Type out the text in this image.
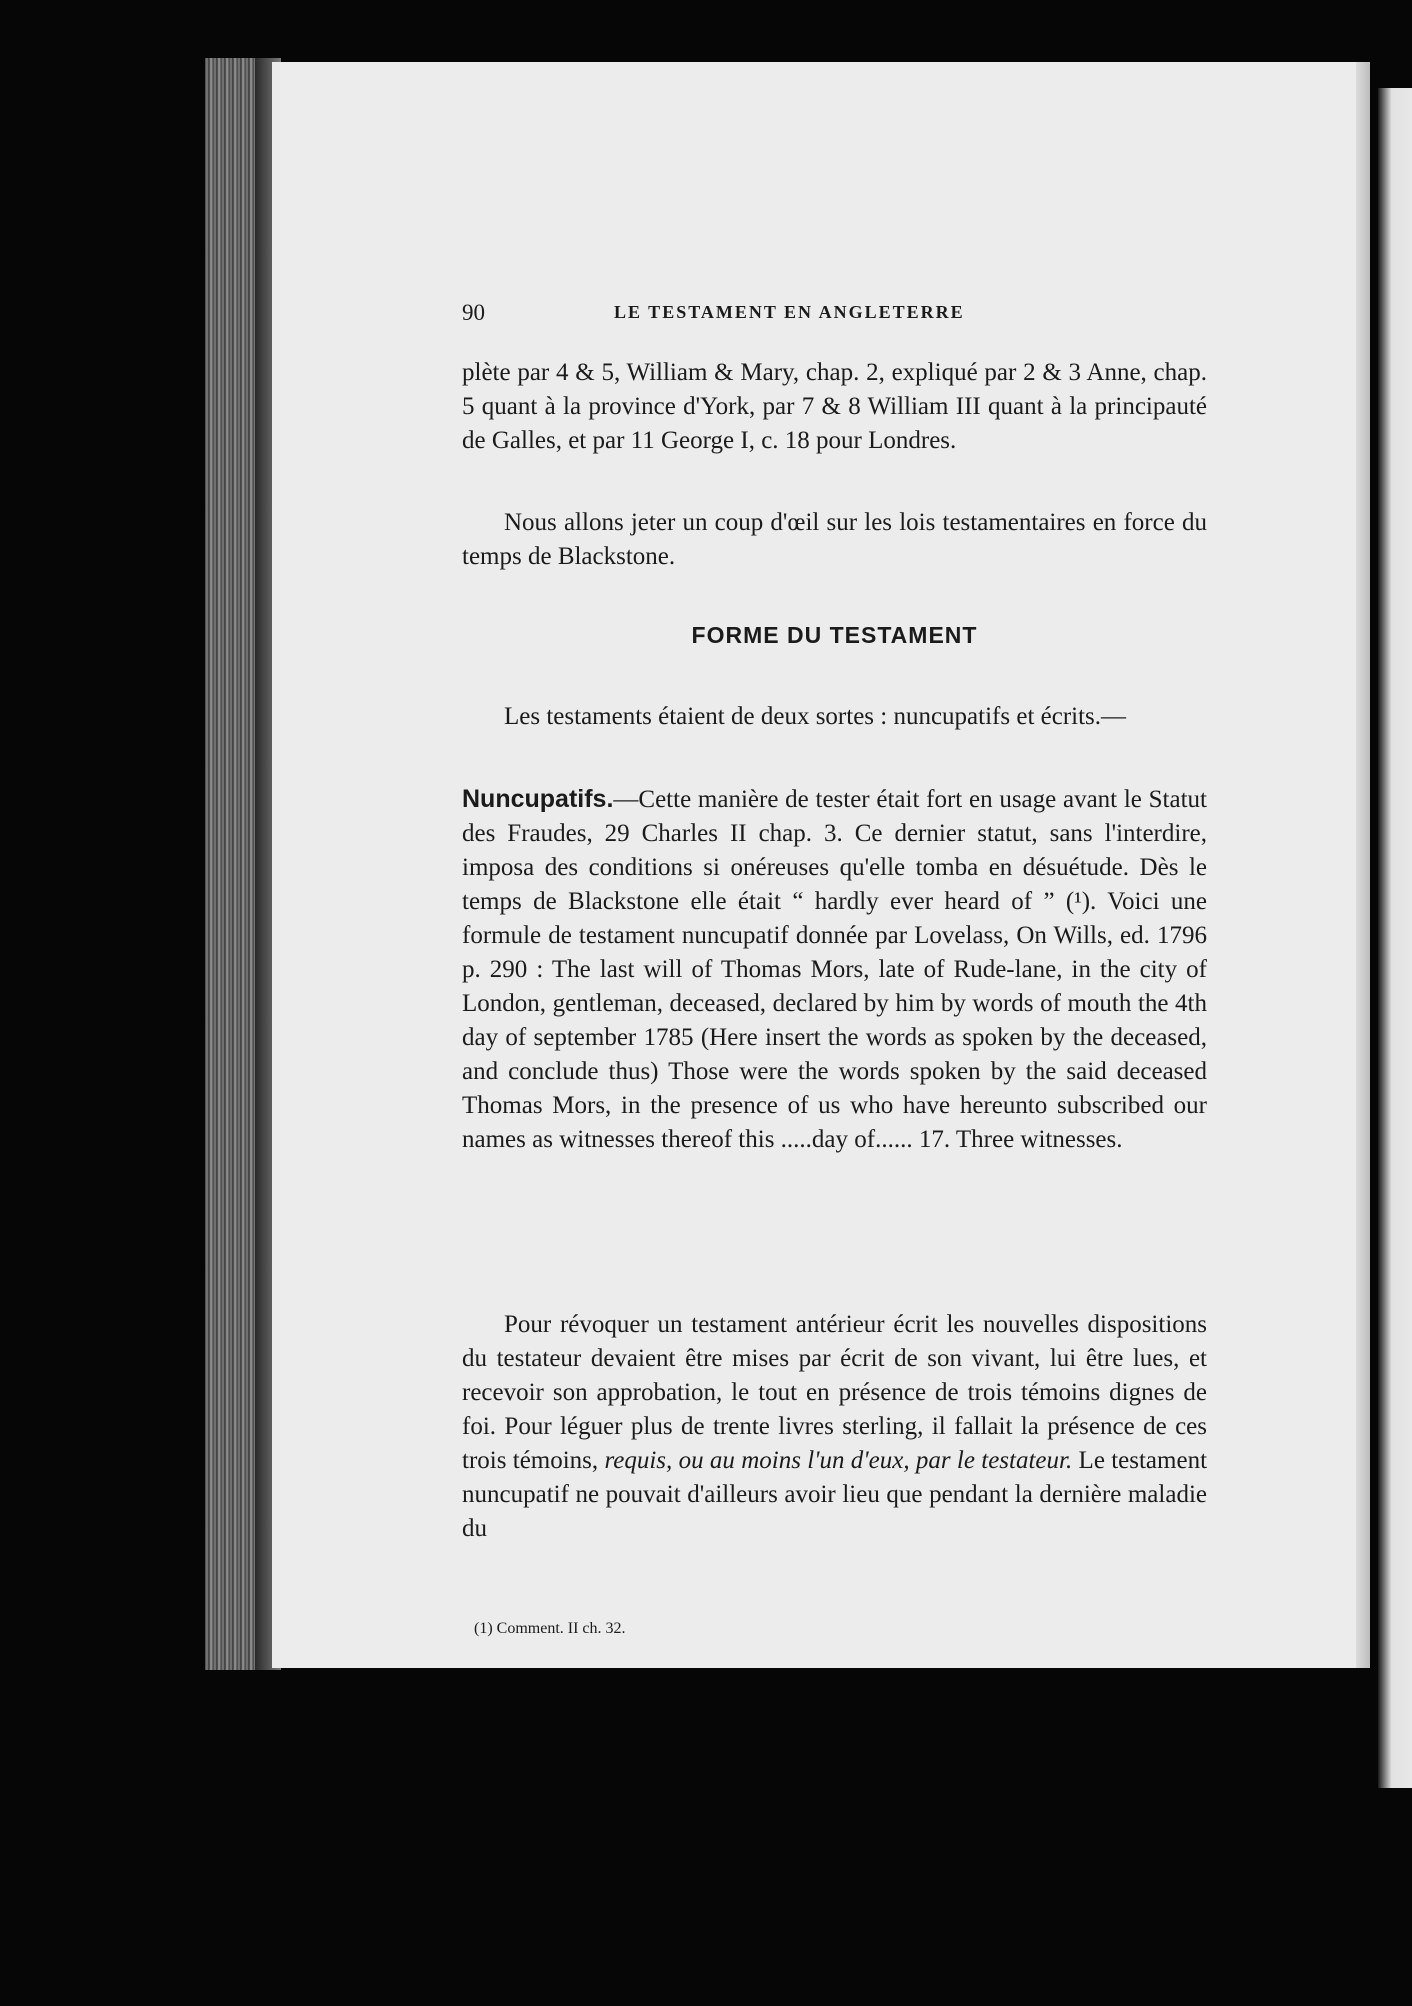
90	LE TESTAMENT EN ANGLETERRE

plète par 4 & 5, William & Mary, chap. 2, expliqué par 2 & 3 Anne, chap. 5 quant à la province d'York, par 7 & 8 William III quant à la principauté de Galles, et par 11 George I, c. 18 pour Londres.

Nous allons jeter un coup d'œil sur les lois testamentaires en force du temps de Blackstone.

FORME DU TESTAMENT

Les testaments étaient de deux sortes : nuncupatifs et écrits.—

Nuncupatifs.—Cette manière de tester était fort en usage avant le Statut des Fraudes, 29 Charles II chap. 3. Ce dernier statut, sans l'interdire, imposa des conditions si onéreuses qu'elle tomba en désuétude. Dès le temps de Blackstone elle était “ hardly ever heard of ” (¹). Voici une formule de testament nuncupatif donnée par Lovelass, On Wills, ed. 1796 p. 290 : The last will of Thomas Mors, late of Rude-lane, in the city of London, gentleman, deceased, declared by him by words of mouth the 4th day of september 1785 (Here insert the words as spoken by the deceased, and conclude thus) Those were the words spoken by the said deceased Thomas Mors, in the presence of us who have hereunto subscribed our names as witnesses thereof this .....day of...... 17. Three witnesses.

Pour révoquer un testament antérieur écrit les nouvelles dispositions du testateur devaient être mises par écrit de son vivant, lui être lues, et recevoir son approbation, le tout en présence de trois témoins dignes de foi. Pour léguer plus de trente livres sterling, il fallait la présence de ces trois témoins, requis, ou au moins l'un d'eux, par le testateur. Le testament nuncupatif ne pouvait d'ailleurs avoir lieu que pendant la dernière maladie du

(1) Comment. II ch. 32.
